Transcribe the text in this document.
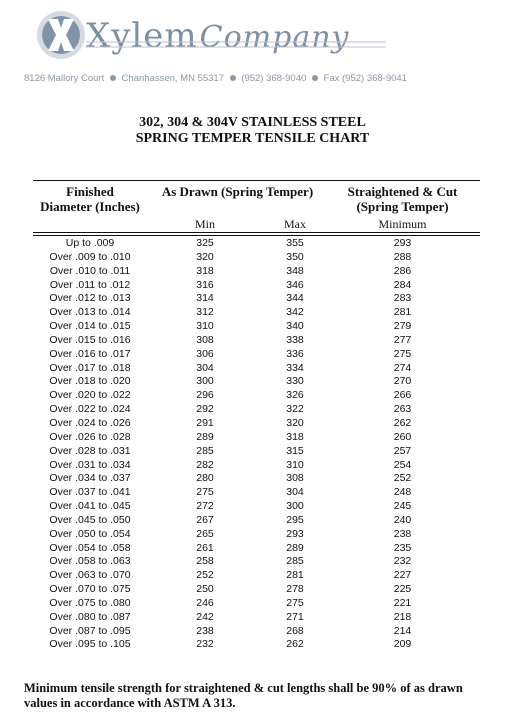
XylemCompany
8126 Mallory Court Chanhassen, MN 55317 (952) 368-9040 Fax (952) 368-9041
302, 304 & 304V STAINLESS STEEL
SPRING TEMPER TENSILE CHART
Finished Diameter (Inches)
As Drawn (Spring Temper)	Straightened & Cut (Spring Temper)
Min	Max	Minimum
Up to .009	325	355	293
Over .009 to .010	320	350	288
Over .010 to .011	318	348	286
Over .011 to .012	316	346	284
Over .012 to .013	314	344	283
Over .013 to .014	312	342	281
Over .014 to .015	310	340	279
Over .015 to .016	308	338	277
Over .016 to .017	306	336	275
Over .017 to .018	304	334	274
Over .018 to .020	300	330	270
Over .020 to .022	296	326	266
Over .022 to .024	292	322	263
Over .024 to .026	291	320	262
Over .026 to .028	289	318	260
Over .028 to .031	285	315	257
Over .031 to .034	282	310	254
Over .034 to .037	280	308	252
Over .037 to .041	275	304	248
Over .041 to .045	272	300	245
Over .045 to .050	267	295	240
Over .050 to .054	265	293	238
Over .054 to .058	261	289	235
Over .058 to .063	258	285	232
Over .063 to .070	252	281	227
Over .070 to .075	250	278	225
Over .075 to .080	246	275	221
Over .080 to .087	242	271	218
Over .087 to .095	238	268	214
Over .095 to .105	232	262	209
Minimum tensile strength for straightened & cut lengths shall be 90% of as drawn values in accordance with ASTM A 313.
